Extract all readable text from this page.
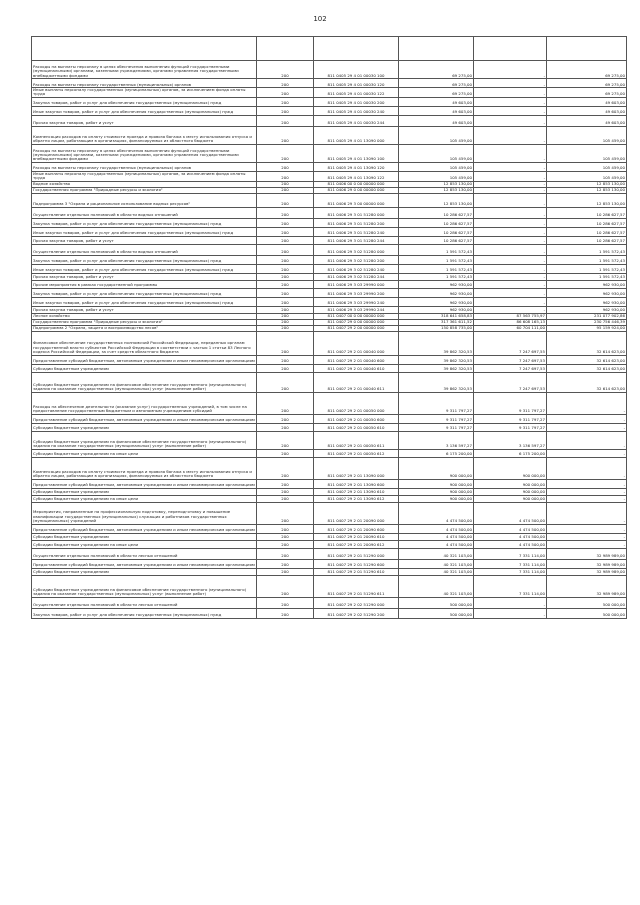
102

Расходы на выплаты персоналу в целях обеспечения выполнения функций государственными (муниципальными) органами, казенными учреждениями, органами управления государственными внебюджетными фондами	200	811 0405 29 4 01 00030 100	69 275,00	-	69 275,00
Расходы на выплаты персоналу государственных (муниципальных) органов	200	811 0405 29 4 01 00030 120	69 275,00	-	69 275,00
Иные выплаты персоналу государственных (муниципальных) органов, за исключением фонда оплаты труда	200	811 0405 29 4 01 00030 122	69 275,00	-	69 275,00
Закупка товаров, работ и услуг для обеспечения государственных (муниципальных) нужд	200	811 0405 29 4 01 00030 200	49 603,00	-	49 603,00
Иные закупки товаров, работ и услуг для обеспечения государственных (муниципальных) нужд	200	811 0405 29 4 01 00030 240	49 603,00	-	49 603,00
Прочая закупка товаров, работ и услуг	200	811 0405 29 4 01 00030 244	49 603,00	-	49 603,00
Компенсация расходов на оплату стоимости проезда и провоза багажа к месту использования отпуска и обратно лицам, работающим в организациях, финансируемых из областного бюджета	200	811 0405 29 4 01 13090 000	105 459,00	-	105 459,00
Расходы на выплаты персоналу в целях обеспечения выполнения функций государственными (муниципальными) органами, казенными учреждениями, органами управления государственными внебюджетными фондами	200	811 0405 29 4 01 13090 100	105 459,00	-	105 459,00
Расходы на выплаты персоналу государственных (муниципальных) органов	200	811 0405 29 4 01 13090 120	105 459,00	-	105 459,00
Иные выплаты персоналу государственных (муниципальных) органов, за исключением фонда оплаты труда	200	811 0405 29 4 01 13090 122	105 459,00	-	105 459,00
Водное хозяйство	200	811 0406 00 0 00 00000 000	12 853 130,00	-	12 853 130,00
Государственная программа "Природные ресурсы и экология"	200	811 0406 29 0 00 00000 000	12 853 130,00	-	12 853 130,00
Подпрограмма 3 "Охрана и рациональное использование водных ресурсов"	200	811 0406 29 3 00 00000 000	12 853 130,00	-	12 853 130,00
Осуществление отдельных полномочий в области водных отношений	200	811 0406 29 3 01 51280 000	10 286 627,57	-	10 286 627,57
Закупка товаров, работ и услуг для обеспечения государственных (муниципальных) нужд	200	811 0406 29 3 01 51280 200	10 286 627,57	-	10 286 627,57
Иные закупки товаров, работ и услуг для обеспечения государственных (муниципальных) нужд	200	811 0406 29 3 01 51280 240	10 286 627,57	-	10 286 627,57
Прочая закупка товаров, работ и услуг	200	811 0406 29 3 01 51280 244	10 286 627,57	-	10 286 627,57
Осуществление отдельных полномочий в области водных отношений	200	811 0406 29 3 02 51280 000	1 591 572,43	-	1 591 572,43
Закупка товаров, работ и услуг для обеспечения государственных (муниципальных) нужд	200	811 0406 29 3 02 51280 200	1 591 572,43	-	1 591 572,43
Иные закупки товаров, работ и услуг для обеспечения государственных (муниципальных) нужд	200	811 0406 29 3 02 51280 240	1 591 572,43	-	1 591 572,43
Прочая закупка товаров, работ и услуг	200	811 0406 29 3 02 51280 244	1 591 572,43	-	1 591 572,43
Прочие мероприятия в рамках государственной программы	200	811 0406 29 3 03 29990 000	962 930,00	-	962 930,00
Закупка товаров, работ и услуг для обеспечения государственных (муниципальных) нужд	200	811 0406 29 3 03 29990 200	962 930,00	-	962 930,00
Иные закупки товаров, работ и услуг для обеспечения государственных (муниципальных) нужд	200	811 0406 29 3 03 29990 240	962 930,00	-	962 930,00
Прочая закупка товаров, работ и услуг	200	811 0406 29 3 03 29990 244	962 930,00	-	962 930,00
Лесное хозяйство	200	811 0407 00 0 00 00000 000	318 641 658,83	87 563 755,97	231 077 902,86
Государственная программа "Природные ресурсы и экология"	200	811 0407 29 0 00 00000 000	317 361 611,52	86 608 165,13	230 756 446,39
Подпрограмма 2 "Охрана, защита и воспроизводство лесов"	200	811 0407 29 2 00 00000 000	150 858 735,00	60 704 111,00	95 159 924,00
Финансовое обеспечение государственных полномочий Российской Федерации, переданных органам государственной власти субъектов Российской Федерации в соответствии с частью 1 статьи 83 Лесного кодекса Российской Федерации, за счет средств областного бюджета	200	811 0407 29 2 01 00040 000	39 862 320,53	7 247 697,55	32 614 623,00
Предоставление субсидий бюджетным, автономным учреждениям и иным некоммерческим организациям	200	811 0407 29 2 01 00040 600	39 862 320,53	7 247 697,53	32 614 623,00
Субсидии бюджетным учреждениям	200	811 0407 29 2 01 00040 610	39 862 320,53	7 247 697,53	32 614 623,00
Субсидии бюджетным учреждениям на финансовое обеспечение государственного (муниципального) задания на оказание государственных (муниципальных) услуг (выполнение работ)	200	811 0407 29 2 01 00040 611	39 862 320,53	7 247 697,53	32 614 623,00
Расходы на обеспечение деятельности (оказание услуг) государственных учреждений, в том числе на предоставление государственным бюджетным и автономным учреждениям субсидий	200	811 0407 29 2 01 00050 000	9 311 797,27	9 311 797,27	-
Предоставление субсидий бюджетным, автономным учреждениям и иным некоммерческим организациям	200	811 0407 29 2 01 00050 600	9 311 797,27	9 311 797,27	-
Субсидии бюджетным учреждениям	200	811 0407 29 2 01 00050 610	9 311 797,27	9 311 797,27	-
Субсидии бюджетным учреждениям на финансовое обеспечение государственного (муниципального) задания на оказание государственных (муниципальных) услуг (выполнение работ)	200	811 0407 29 2 01 00050 611	3 136 597,27	3 136 597,27	-
Субсидии бюджетным учреждениям на иные цели	200	811 0407 29 2 01 00050 612	6 175 200,00	6 175 200,00	-
Компенсация расходов на оплату стоимости проезда и провоза багажа к месту использования отпуска и обратно лицам, работающим в организациях, финансируемых из областного бюджета	200	811 0407 29 2 01 13090 000	900 000,00	900 000,00	-
Предоставление субсидий бюджетным, автономным учреждениям и иным некоммерческим организациям	200	811 0407 29 2 01 13090 600	900 000,00	900 000,00	-
Субсидии бюджетным учреждениям	200	811 0407 29 2 01 13090 610	900 000,00	900 000,00	-
Субсидии бюджетным учреждениям на иные цели	200	811 0407 29 2 01 13090 612	900 000,00	900 000,00	-
Мероприятия, направленные на профессиональную подготовку, переподготовку и повышение квалификации государственных (муниципальных) служащих и работников государственных (муниципальных) учреждений	200	811 0407 29 2 01 20090 000	4 474 500,00	4 474 500,00	-
Предоставление субсидий бюджетным, автономным учреждениям и иным некоммерческим организациям	200	811 0407 29 2 01 20090 600	4 474 500,00	4 474 500,00	-
Субсидии бюджетным учреждениям	200	811 0407 29 2 01 20090 610	4 474 500,00	4 474 500,00	-
Субсидии бюджетным учреждениям на иные цели	200	811 0407 29 2 01 20090 612	4 474 500,00	4 474 500,00	-
Осуществление отдельных полномочий в области лесных отношений	200	811 0407 29 2 01 51290 000	40 321 103,00	7 331 114,00	32 989 989,00
Предоставление субсидий бюджетным, автономным учреждениям и иным некоммерческим организациям	200	811 0407 29 2 01 51290 600	40 321 103,00	7 331 114,00	32 989 989,00
Субсидии бюджетным учреждениям	200	811 0407 29 2 01 51290 610	40 321 103,00	7 331 114,00	32 989 989,00
Субсидии бюджетным учреждениям на финансовое обеспечение государственного (муниципального) задания на оказание государственных (муниципальных) услуг (выполнение работ)	200	811 0407 29 2 01 51290 611	40 321 103,00	7 331 114,00	32 989 989,00
Осуществление отдельных полномочий в области лесных отношений	200	811 0407 29 2 02 51290 000	500 000,00	-	500 000,00
Закупка товаров, работ и услуг для обеспечения государственных (муниципальных) нужд	200	811 0407 29 2 02 51290 200	500 000,00	-	500 000,00
